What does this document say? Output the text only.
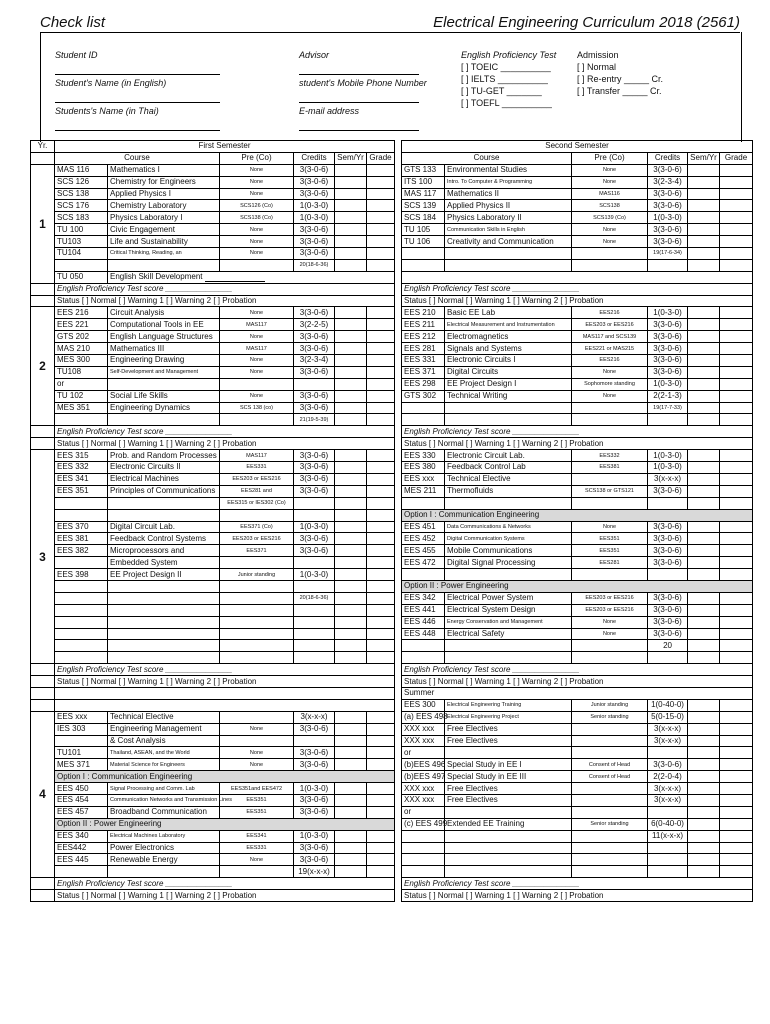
Check list	Electrical Engineering Curriculum 2018 (2561)
Student ID
Student's Name (in English)
Students's Name (in Thai)
Advisor
student's Mobile Phone Number
E-mail address
English Proficiency Test
[ ] TOEIC __________
[ ] IELTS __________
[ ] TU-GET _______
[ ] TOEFL __________
Admission
[ ] Normal
[ ] Re-entry _____ Cr.
[ ] Transfer _____ Cr.
Yr.	First Semester							Second Semester					
	Course		Pre (Co)	Credits	Sem/Yr	Grade		Course		Pre (Co)	Credits	Sem/Yr	Grade
1	MAS 116	Mathematics I	None	3(3-0-6)				GTS 133	Environmental Studies	None	3(3-0-6)		
	SCS 126	Chemistry for Engineers	None	3(3-0-6)				ITS 100	Intro. To Computer & Programming	None	3(2-3-4)		
	SCS 138	Applied Physics I	None	3(3-0-6)				MAS 117	Mathematics II	MAS116	3(3-0-6)		
	SCS 176	Chemistry Laboratory	SCS126 (Co)	1(0-3-0)				SCS 139	Applied Physics II	SCS138	3(3-0-6)		
	SCS 183	Physics Laboratory I	SCS138 (Co)	1(0-3-0)				SCS 184	Physics Laboratory II	SCS139 (Co)	1(0-3-0)		
	TU 100	Civic Engagement	None	3(3-0-6)				TU 105	Communication Skills in English	None	3(3-0-6)		
	TU103	Life and Sustainability	None	3(3-0-6)				TU 106	Creativity and Communication	None	3(3-0-6)		
	TU104	Critical Thinking, Reading, an	None	3(3-0-6)							19(17-6-34)		
				20(18-6-36)									
	TU 050	English Skill Development											
	English Proficiency Test score _______________							English Proficiency Test score _______________					
	Status [ ] Normal [ ] Warning 1 [ ] Warning 2 [ ] Probation							Status [ ] Normal [ ] Warning 1 [ ] Warning 2 [ ] Probation					
2	EES 216	Circuit Analysis	None	3(3-0-6)				EES 210	Basic EE Lab	EES216	1(0-3-0)		
	EES 221	Computational Tools in EE	MAS117	3(2-2-5)				EES 211	Electrical Measurement and Instrumentation	EES203 or EES216	3(3-0-6)		
	GTS 202	English Language Structures	None	3(3-0-6)				EES 212	Electromagnetics	MAS117 and SCS139	3(3-0-6)		
	MAS 210	Mathematics III	MAS117	3(3-0-6)				EES 281	Signals and Systems	EES221 or MAS215	3(3-0-6)		
	MES 300	Engineering Drawing	None	3(2-3-4)				EES 331	Electronic Circuits I	EES216	3(3-0-6)		
	TU108	Self-Development and Management	None	3(3-0-6)				EES 371	Digital Circuits	None	3(3-0-6)		
	or							EES 298	EE Project Design I	Sophomore standing	1(0-3-0)		
	TU 102	Social Life Skills	None	3(3-0-6)				GTS 302	Technical Writing	None	2(2-1-3)		
	MES 351	Engineering Dynamics	SCS 138 (co)	3(3-0-6)							19(17-7-33)		
				21(19-5-39)									
	English Proficiency Test score _______________							English Proficiency Test score _______________					
	Status [ ] Normal [ ] Warning 1 [ ] Warning 2 [ ] Probation							Status [ ] Normal [ ] Warning 1 [ ] Warning 2 [ ] Probation					
3	EES 315	Prob. and Random Processes	MAS117	3(3-0-6)				EES 330	Electronic Circuit Lab.	EES332	1(0-3-0)		
	EES 332	Electronic Circuits II	EES331	3(3-0-6)				EES 380	Feedback Control Lab	EES381	1(0-3-0)		
	EES 341	Electrical Machines	EES203 or EES216	3(3-0-6)				EES xxx	Technical Elective		3(x-x-x)		
	EES 351	Principles of Communications	EES281 and	3(3-0-6)				MES 211	Thermofluids	SCS138 or GTS121	3(3-0-6)		
			EES315 or IES302 (Co)										
								Option I : Communication Engineering					
	EES 370	Digital Circuit Lab.	EES371 (Co)	1(0-3-0)				EES 451	Data Communications & Networks	None	3(3-0-6)		
	EES 381	Feedback Control Systems	EES203 or EES216	3(3-0-6)				EES 452	Digital Communication Systems	EES351	3(3-0-6)		
	EES 382	Microprocessors and	EES371	3(3-0-6)				EES 455	Mobile Communications	EES351	3(3-0-6)		
		Embedded System						EES 472	Digital Signal Processing	EES281	3(3-0-6)		
	EES 398	EE Project Design II	Junior standing	1(0-3-0)									
								Option II : Power Engineering					
				20(18-6-36)				EES 342	Electrical Power System	EES203 or EES216	3(3-0-6)		
								EES 441	Electrical System Design	EES203 or EES216	3(3-0-6)		
								EES 446	Energy Conservation and Management	None	3(3-0-6)		
								EES 448	Electrical Safety	None	3(3-0-6)		
											20		

	English Proficiency Test score _______________							English Proficiency Test score _______________					
	Status [ ] Normal [ ] Warning 1 [ ] Warning 2 [ ] Probation							Status [ ] Normal [ ] Warning 1 [ ] Warning 2 [ ] Probation					
								Summer					
								EES 300	Electrical Engineering Training	Junior standing	1(0-40-0)		
4	EES xxx	Technical Elective		3(x-x-x)				(a) EES 498	Electrical Engineering Project	Senior standing	5(0-15-0)		
	IES 303	Engineering Management	None	3(3-0-6)				XXX xxx	Free Electives		3(x-x-x)		
		& Cost Analysis						XXX xxx	Free Electives		3(x-x-x)		
	TU101	Thailand, ASEAN, and the World	None	3(3-0-6)				or					
	MES 371	Material Science for Engineers	None	3(3-0-6)				(b)EES 496	Special Study in EE I	Consent of Head	3(3-0-6)		
	Option I : Communication Engineering							(b)EES 497	Special Study in EE III	Consent of Head	2(2-0-4)		
	EES 450	Signal Processing and Comm. Lab	EES351and EES472	1(0-3-0)				XXX xxx	Free Electives		3(x-x-x)		
	EES 454	Communication Networks and Transmission Lines	EES351	3(3-0-6)				XXX xxx	Free Electives		3(x-x-x)		
	EES 457	Broadband Communication	EES351	3(3-0-6)				or					
	Option II : Power Engineering							(c) EES 499	Extended EE Training	Senior standing	6(0-40-0)		
	EES 340	Electrical Machines Laboratory	EES341	1(0-3-0)							11(x-x-x)		
	EES442	Power Electronics	EES331	3(3-0-6)									
	EES 445	Renewable Energy	None	3(3-0-6)									
				19(x-x-x)									
	English Proficiency Test score _______________							English Proficiency Test score _______________					
	Status [ ] Normal [ ] Warning 1 [ ] Warning 2 [ ] Probation							Status [ ] Normal [ ] Warning 1 [ ] Warning 2 [ ] Probation					
